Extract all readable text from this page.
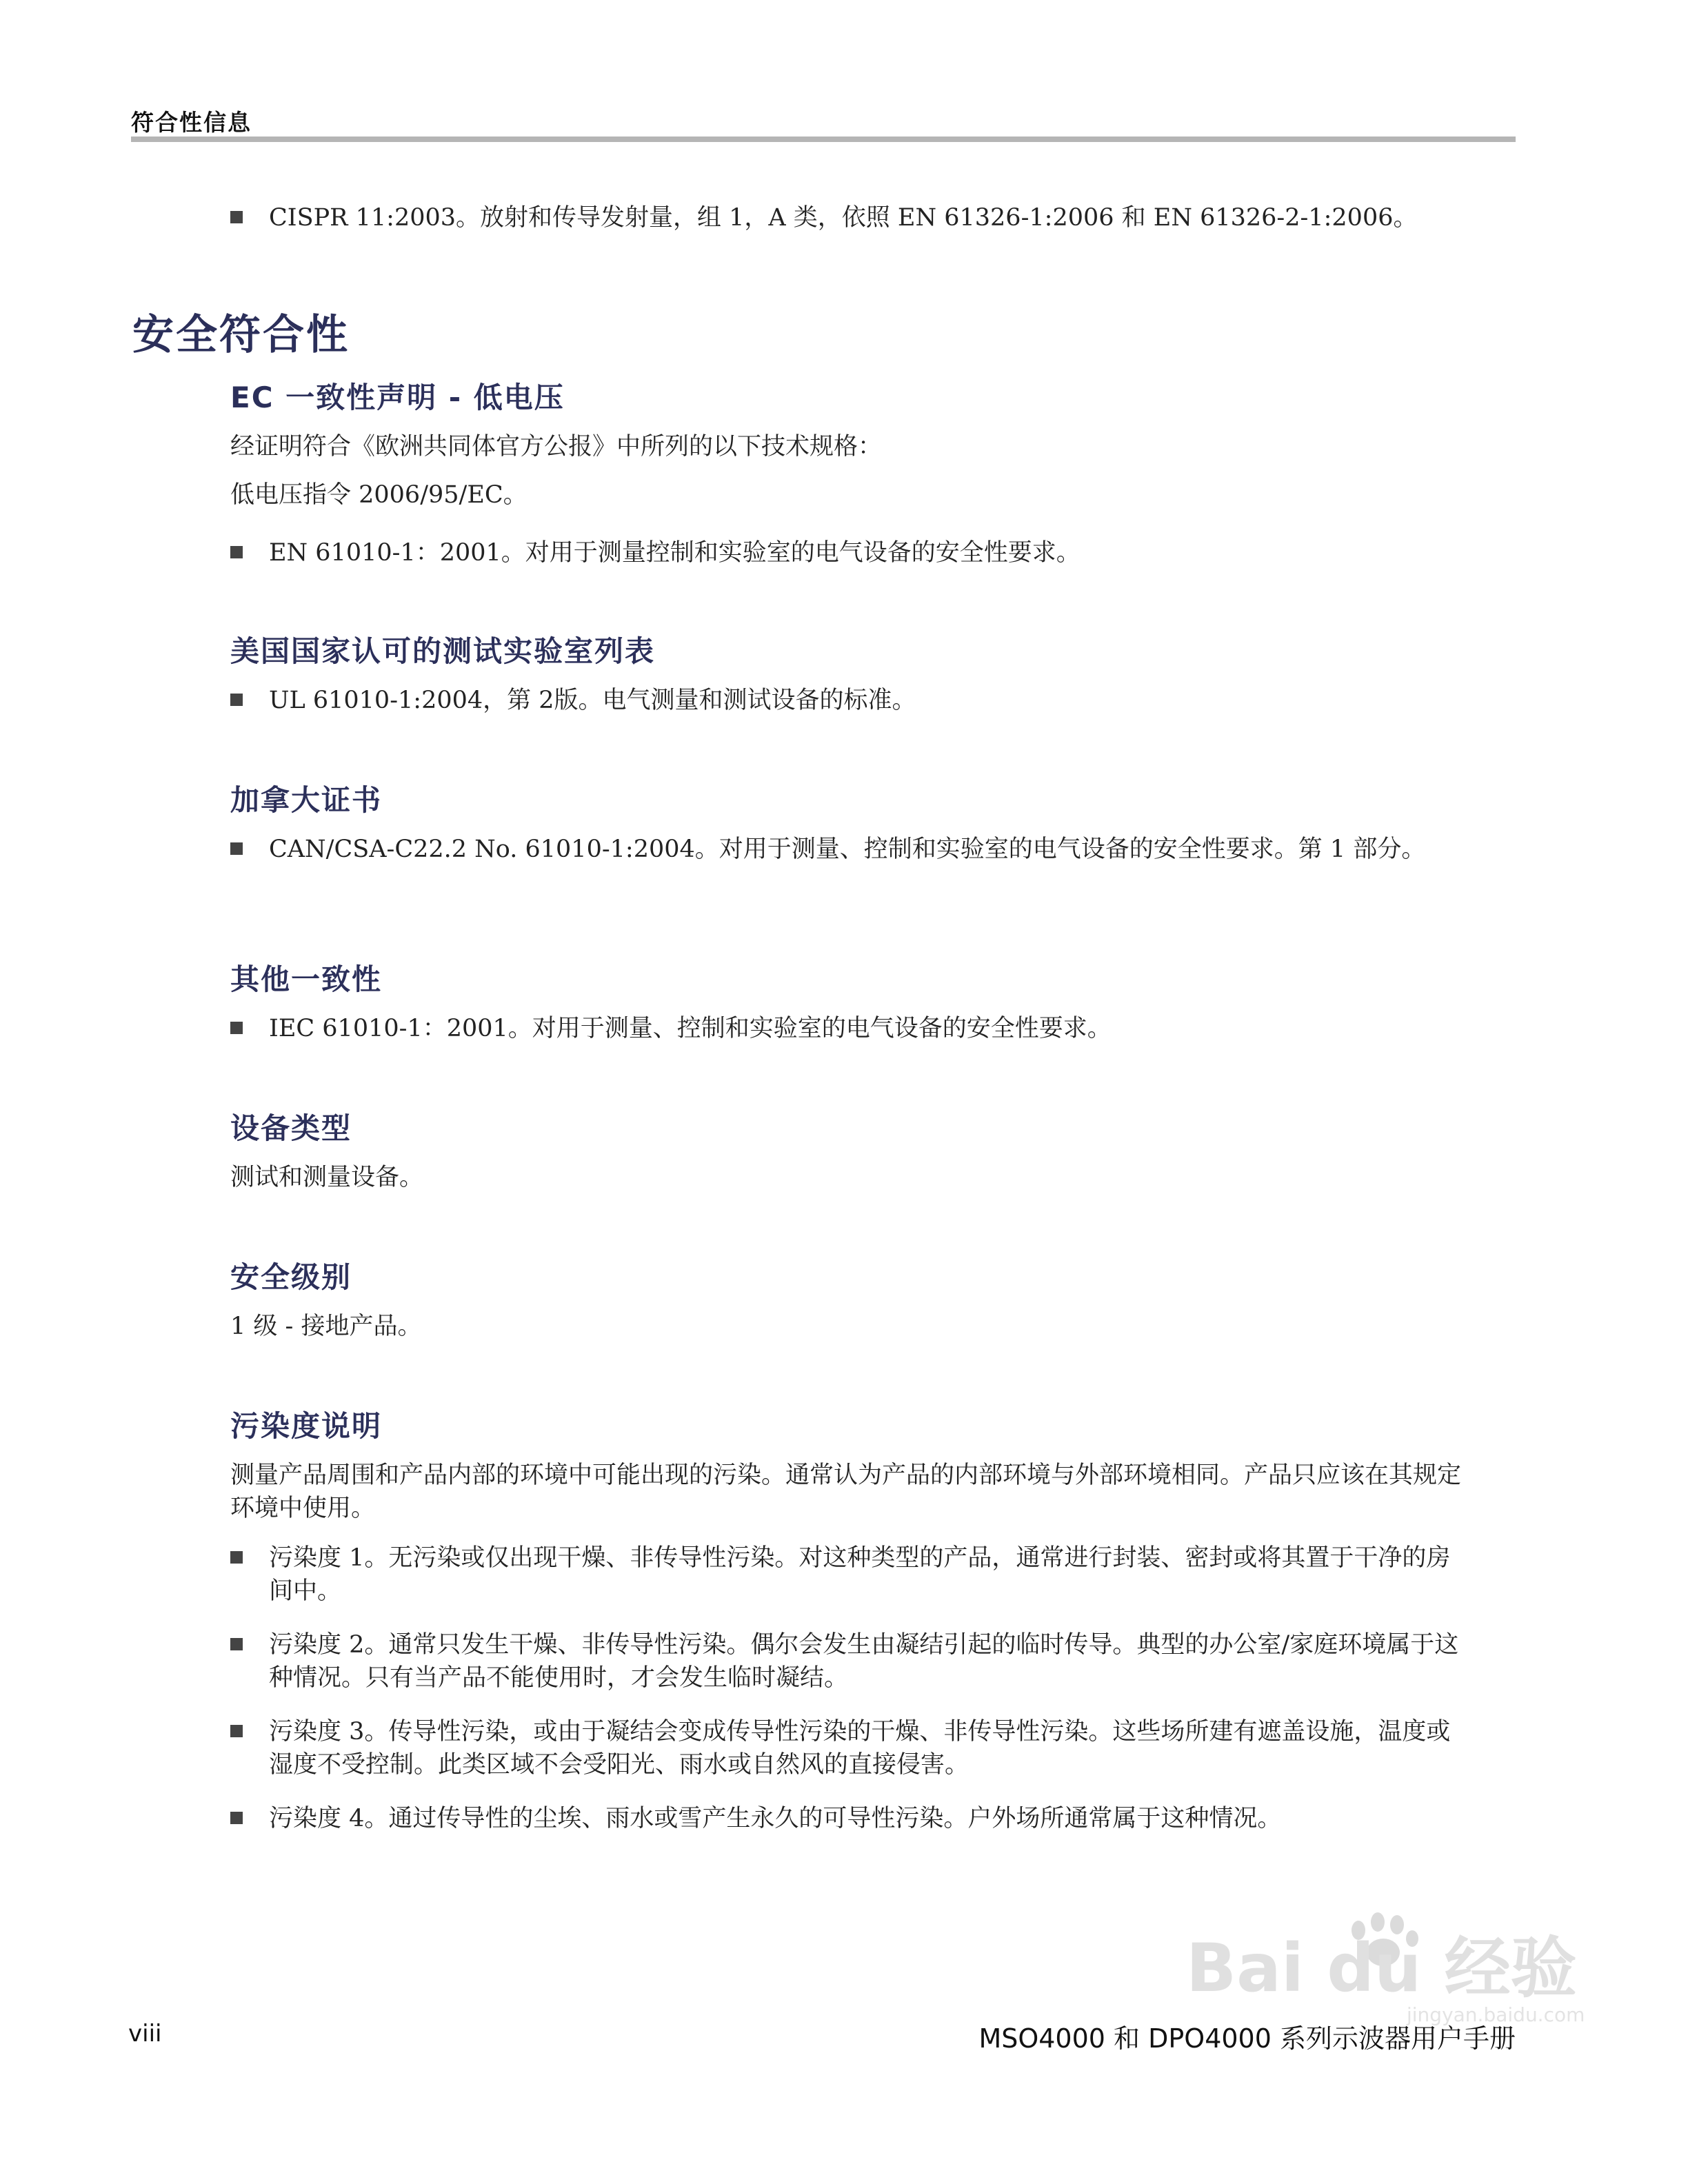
符合性信息
CISPR 11:2003。放射和传导发射量，组 1，A 类，依照 EN 61326-1:2006 和 EN 61326-2-1:2006。
安全符合性
EC 一致性声明 - 低电压
经证明符合《欧洲共同体官方公报》中所列的以下技术规格：
低电压指令 2006/95/EC。
EN 61010-1：2001。对用于测量控制和实验室的电气设备的安全性要求。
美国国家认可的测试实验室列表
UL 61010-1:2004，第 2版。电气测量和测试设备的标准。
加拿大证书
CAN/CSA-C22.2 No. 61010-1:2004。对用于测量、控制和实验室的电气设备的安全性要求。第 1 部分。
其他一致性
IEC 61010-1：2001。对用于测量、控制和实验室的电气设备的安全性要求。
设备类型
测试和测量设备。
安全级别
1 级 - 接地产品。
污染度说明
测量产品周围和产品内部的环境中可能出现的污染。通常认为产品的内部环境与外部环境相同。产品只应该在其规定环境中使用。
污染度 1。无污染或仅出现干燥、非传导性污染。对这种类型的产品，通常进行封装、密封或将其置于干净的房间中。
污染度 2。通常只发生干燥、非传导性污染。偶尔会发生由凝结引起的临时传导。典型的办公室/家庭环境属于这种情况。只有当产品不能使用时，才会发生临时凝结。
污染度 3。传导性污染，或由于凝结会变成传导性污染的干燥、非传导性污染。这些场所建有遮盖设施，温度或湿度不受控制。此类区域不会受阳光、雨水或自然风的直接侵害。
污染度 4。通过传导性的尘埃、雨水或雪产生永久的可导性污染。户外场所通常属于这种情况。
Bai du 经验
jingyan.baidu.com
viii	MSO4000 和 DPO4000 系列示波器用户手册
